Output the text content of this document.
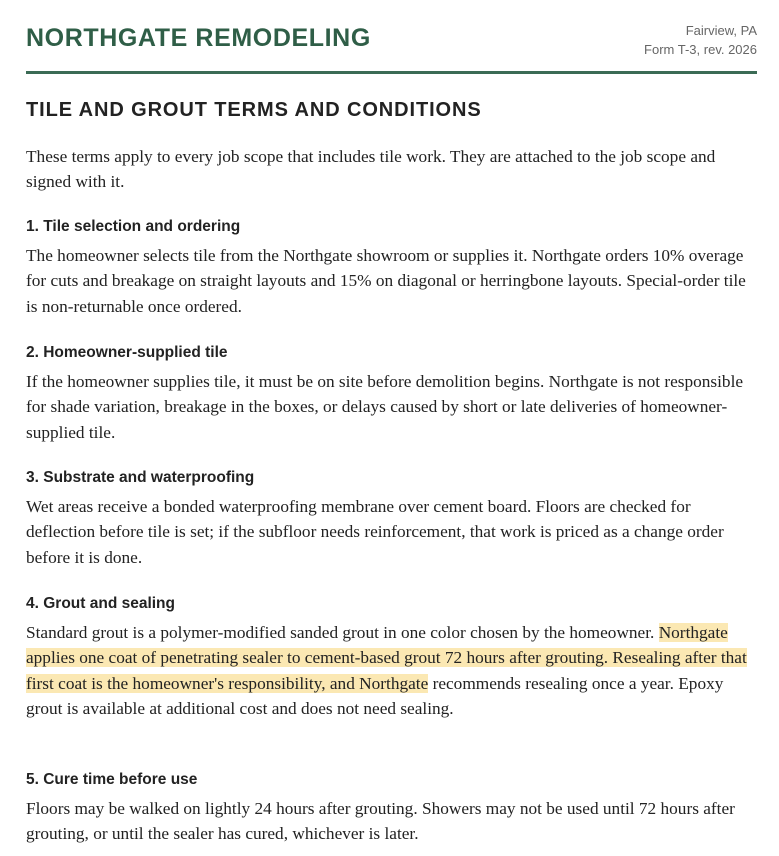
NORTHGATE REMODELING	Fairview, PA
Form T-3, rev. 2026
TILE AND GROUT TERMS AND CONDITIONS

These terms apply to every job scope that includes tile work. They are attached to the job scope and signed with it.

1. Tile selection and ordering

The homeowner selects tile from the Northgate showroom or supplies it. Northgate orders 10% overage for cuts and breakage on straight layouts and 15% on diagonal or herringbone layouts. Special-order tile is non-returnable once ordered.

2. Homeowner-supplied tile

If the homeowner supplies tile, it must be on site before demolition begins. Northgate is not responsible for shade variation, breakage in the boxes, or delays caused by short or late deliveries of homeowner-supplied tile.

3. Substrate and waterproofing

Wet areas receive a bonded waterproofing membrane over cement board. Floors are checked for deflection before tile is set; if the subfloor needs reinforcement, that work is priced as a change order before it is done.

4. Grout and sealing

Standard grout is a polymer-modified sanded grout in one color chosen by the homeowner. Northgate applies one coat of penetrating sealer to cement-based grout 72 hours after grouting. Resealing after that first coat is the homeowner's responsibility, and Northgate recommends resealing once a year. Epoxy grout is available at additional cost and does not need sealing.

5. Cure time before use

Floors may be walked on lightly 24 hours after grouting. Showers may not be used until 72 hours after grouting, or until the sealer has cured, whichever is later.
